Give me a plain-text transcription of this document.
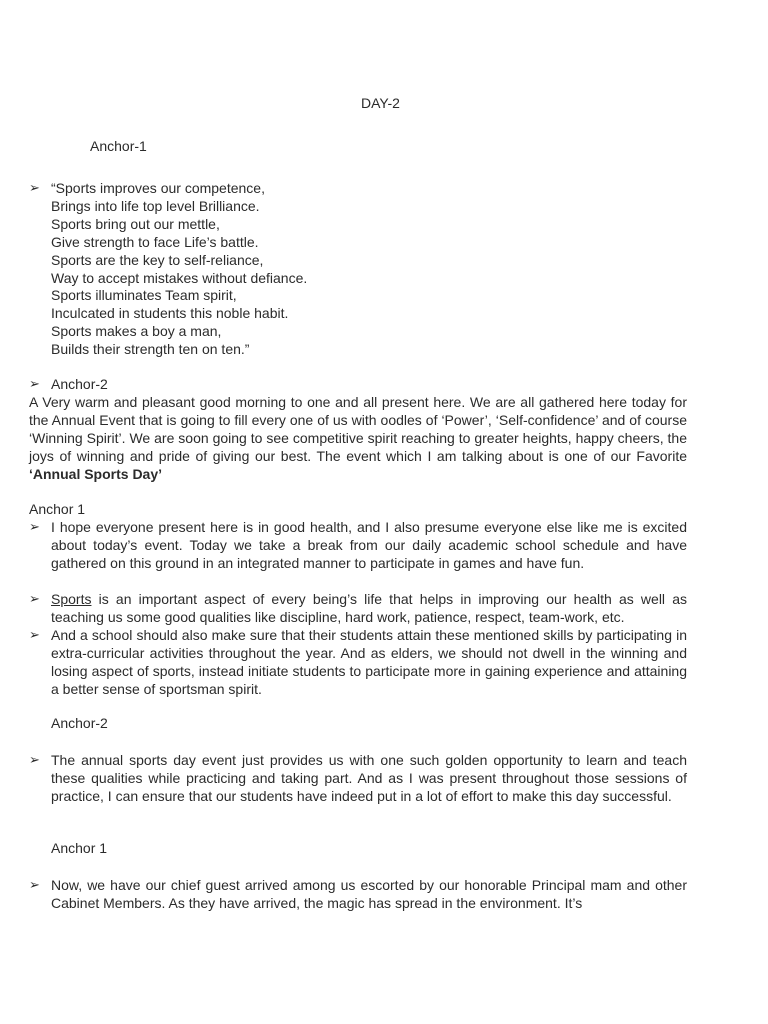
DAY-2
Anchor-1
➢ “Sports improves our competence,
Brings into life top level Brilliance.
Sports bring out our mettle,
Give strength to face Life’s battle.
Sports are the key to self-reliance,
Way to accept mistakes without defiance.
Sports illuminates Team spirit,
Inculcated in students this noble habit.
Sports makes a boy a man,
Builds their strength ten on ten.”
➢ Anchor-2
A Very warm and pleasant good morning to one and all present here. We are all gathered here today for the Annual Event that is going to fill every one of us with oodles of ‘Power’, ‘Self-confidence’ and of course ‘Winning Spirit’. We are soon going to see competitive spirit reaching to greater heights, happy cheers, the joys of winning and pride of giving our best. The event which I am talking about is one of our Favorite ‘Annual Sports Day’
Anchor 1
➢ I hope everyone present here is in good health, and I also presume everyone else like me is excited about today’s event. Today we take a break from our daily academic school schedule and have gathered on this ground in an integrated manner to participate in games and have fun.
➢ Sports is an important aspect of every being’s life that helps in improving our health as well as teaching us some good qualities like discipline, hard work, patience, respect, team-work, etc.
➢ And a school should also make sure that their students attain these mentioned skills by participating in extra-curricular activities throughout the year. And as elders, we should not dwell in the winning and losing aspect of sports, instead initiate students to participate more in gaining experience and attaining a better sense of sportsman spirit.
Anchor-2
➢ The annual sports day event just provides us with one such golden opportunity to learn and teach these qualities while practicing and taking part. And as I was present throughout those sessions of practice, I can ensure that our students have indeed put in a lot of effort to make this day successful.
Anchor 1
➢ Now, we have our chief guest arrived among us escorted by our honorable Principal mam and other Cabinet Members. As they have arrived, the magic has spread in the environment. It’s
